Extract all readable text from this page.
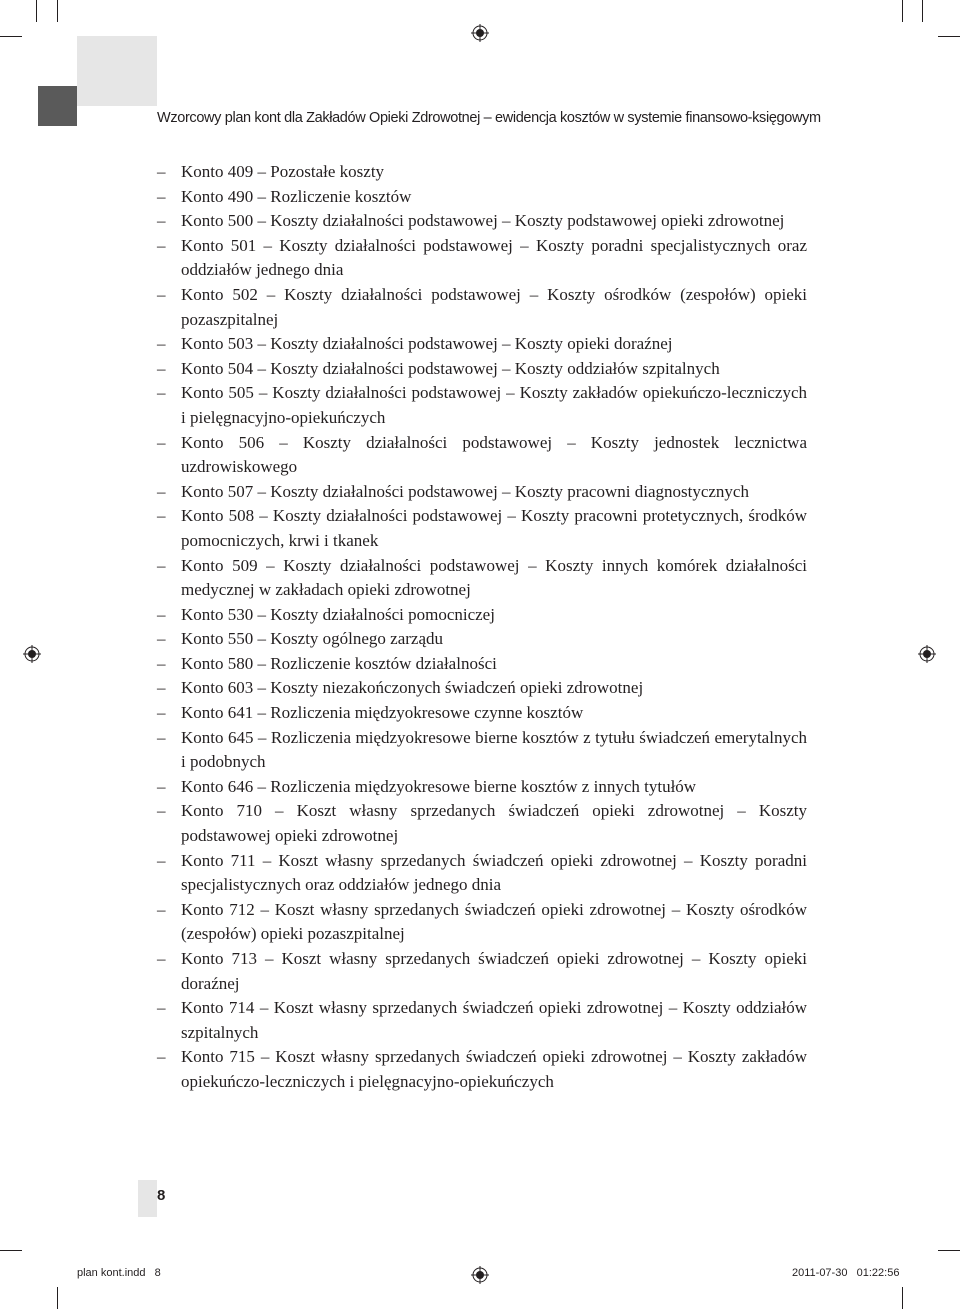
Wzorcowy plan kont dla Zakładów Opieki Zdrowotnej – ewidencja kosztów w systemie finansowo-księgowym
– Konto 409 – Pozostałe koszty
– Konto 490 – Rozliczenie kosztów
– Konto 500 – Koszty działalności podstawowej – Koszty podstawowej opieki zdrowotnej
– Konto 501 – Koszty działalności podstawowej – Koszty poradni specjalistycznych oraz oddziałów jednego dnia
– Konto 502 – Koszty działalności podstawowej – Koszty ośrodków (zespołów) opieki pozaszpitalnej
– Konto 503 – Koszty działalności podstawowej – Koszty opieki doraźnej
– Konto 504 – Koszty działalności podstawowej – Koszty oddziałów szpitalnych
– Konto 505 – Koszty działalności podstawowej – Koszty zakładów opiekuńczo-leczniczych i pielęgnacyjno-opiekuńczych
– Konto 506 – Koszty działalności podstawowej – Koszty jednostek lecznictwa uzdrowiskowego
– Konto 507 – Koszty działalności podstawowej – Koszty pracowni diagnostycznych
– Konto 508 – Koszty działalności podstawowej – Koszty pracowni protetycznych, środków pomocniczych, krwi i tkanek
– Konto 509 – Koszty działalności podstawowej – Koszty innych komórek działalności medycznej w zakładach opieki zdrowotnej
– Konto 530 – Koszty działalności pomocniczej
– Konto 550 – Koszty ogólnego zarządu
– Konto 580 – Rozliczenie kosztów działalności
– Konto 603 – Koszty niezakończonych świadczeń opieki zdrowotnej
– Konto 641 – Rozliczenia międzyokresowe czynne kosztów
– Konto 645 – Rozliczenia międzyokresowe bierne kosztów z tytułu świadczeń emerytalnych i podobnych
– Konto 646 – Rozliczenia międzyokresowe bierne kosztów z innych tytułów
– Konto 710 – Koszt własny sprzedanych świadczeń opieki zdrowotnej – Koszty podstawowej opieki zdrowotnej
– Konto 711 – Koszt własny sprzedanych świadczeń opieki zdrowotnej – Koszty poradni specjalistycznych oraz oddziałów jednego dnia
– Konto 712 – Koszt własny sprzedanych świadczeń opieki zdrowotnej – Koszty ośrodków (zespołów) opieki pozaszpitalnej
– Konto 713 – Koszt własny sprzedanych świadczeń opieki zdrowotnej – Koszty opieki doraźnej
– Konto 714 – Koszt własny sprzedanych świadczeń opieki zdrowotnej – Koszty oddziałów szpitalnych
– Konto 715 – Koszt własny sprzedanych świadczeń opieki zdrowotnej – Koszty zakładów opiekuńczo-leczniczych i pielęgnacyjno-opiekuńczych
8
plan kont.indd   8	2011-07-30   01:22:56
